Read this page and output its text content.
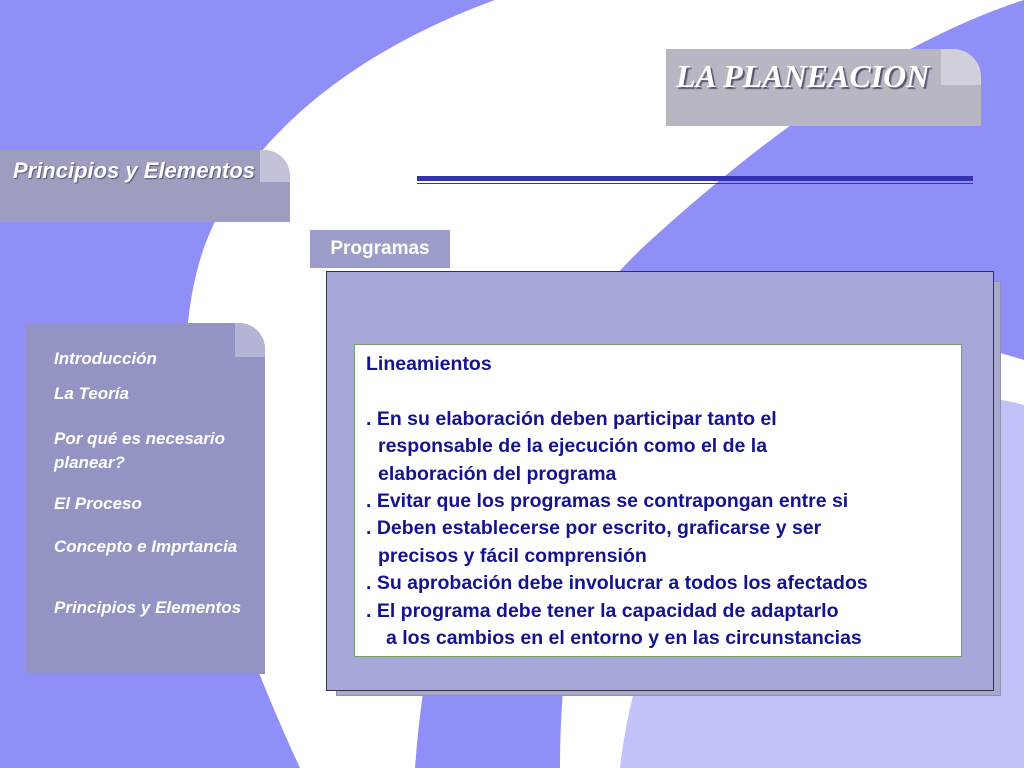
LA PLANEACION
Principios y Elementos
Programas
Lineamientos
. En su elaboración deben participar tanto el
responsable de la ejecución como el de la
elaboración del programa
. Evitar que los programas se contrapongan entre si
. Deben establecerse por escrito, graficarse y ser
precisos y fácil comprensión
. Su aprobación debe involucrar a todos los afectados
. El programa debe tener la capacidad de adaptarlo
a los cambios en el entorno y en las circunstancias
Introducción
La Teoría
Por qué es necesario planear?
El Proceso
Concepto e Imprtancia
Principios y Elementos
